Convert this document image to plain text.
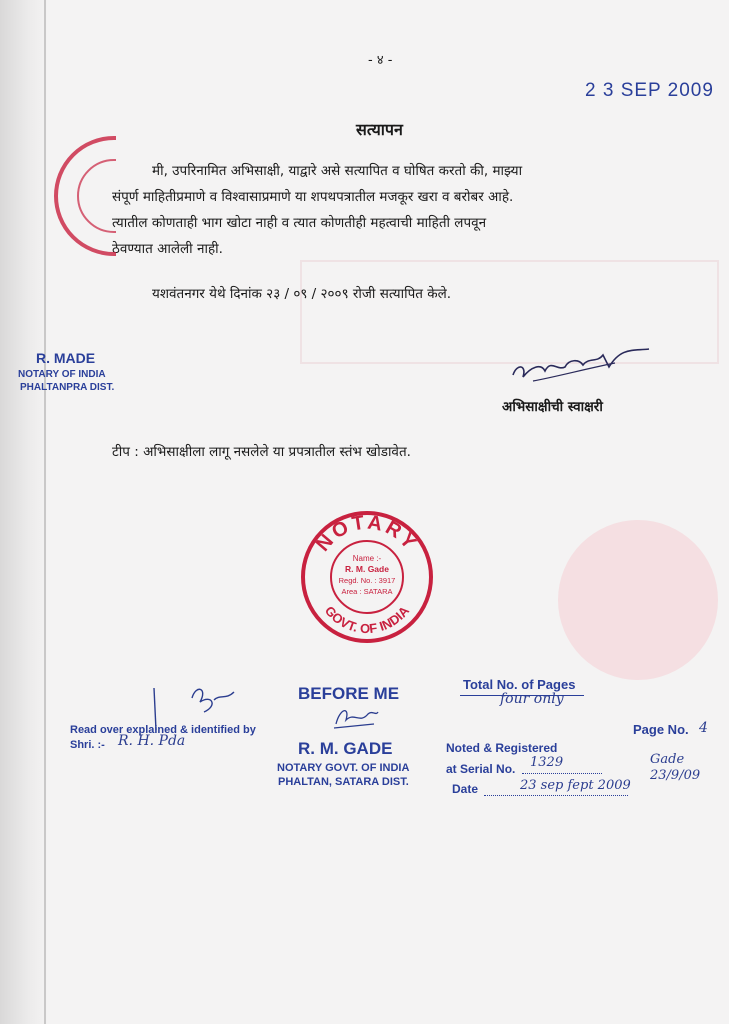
- ४ -
2 3 SEP 2009
सत्यापन

मी, उपरिनामित अभिसाक्षी, याद्वारे असे सत्यापित व घोषित करतो की, माझ्या

संपूर्ण माहितीप्रमाणे व विश्वासाप्रमाणे या शपथपत्रातील मजकूर खरा व बरोबर आहे.

त्यातील कोणताही भाग खोटा नाही व त्यात कोणतीही महत्वाची माहिती लपवून

ठेवण्यात आलेली नाही.

यशवंतनगर येथे दिनांक २३ / ०९ / २००९ रोजी सत्यापित केले.
R. MADE
NOTARY OF INDIA
PHALTANPRA DIST.
अभिसाक्षीची स्वाक्षरी
टीप : अभिसाक्षीला लागू नसलेले या प्रपत्रातील स्तंभ खोडावेत.
NOTARY
GOVT. OF INDIA
Name :-
R. M. Gade
Regd. No. : 3917
Area : SATARA
Read over explained & identified by
Shri. :- R. H. Pda
BEFORE ME
R. M. GADE
NOTARY GOVT. OF INDIA
PHALTAN, SATARA DIST.
Total No. of Pages
four only
Noted & Registered
at Serial No. 1329
Date	23 sep fept 2009
Page No. 4
Gade 23/9/09
